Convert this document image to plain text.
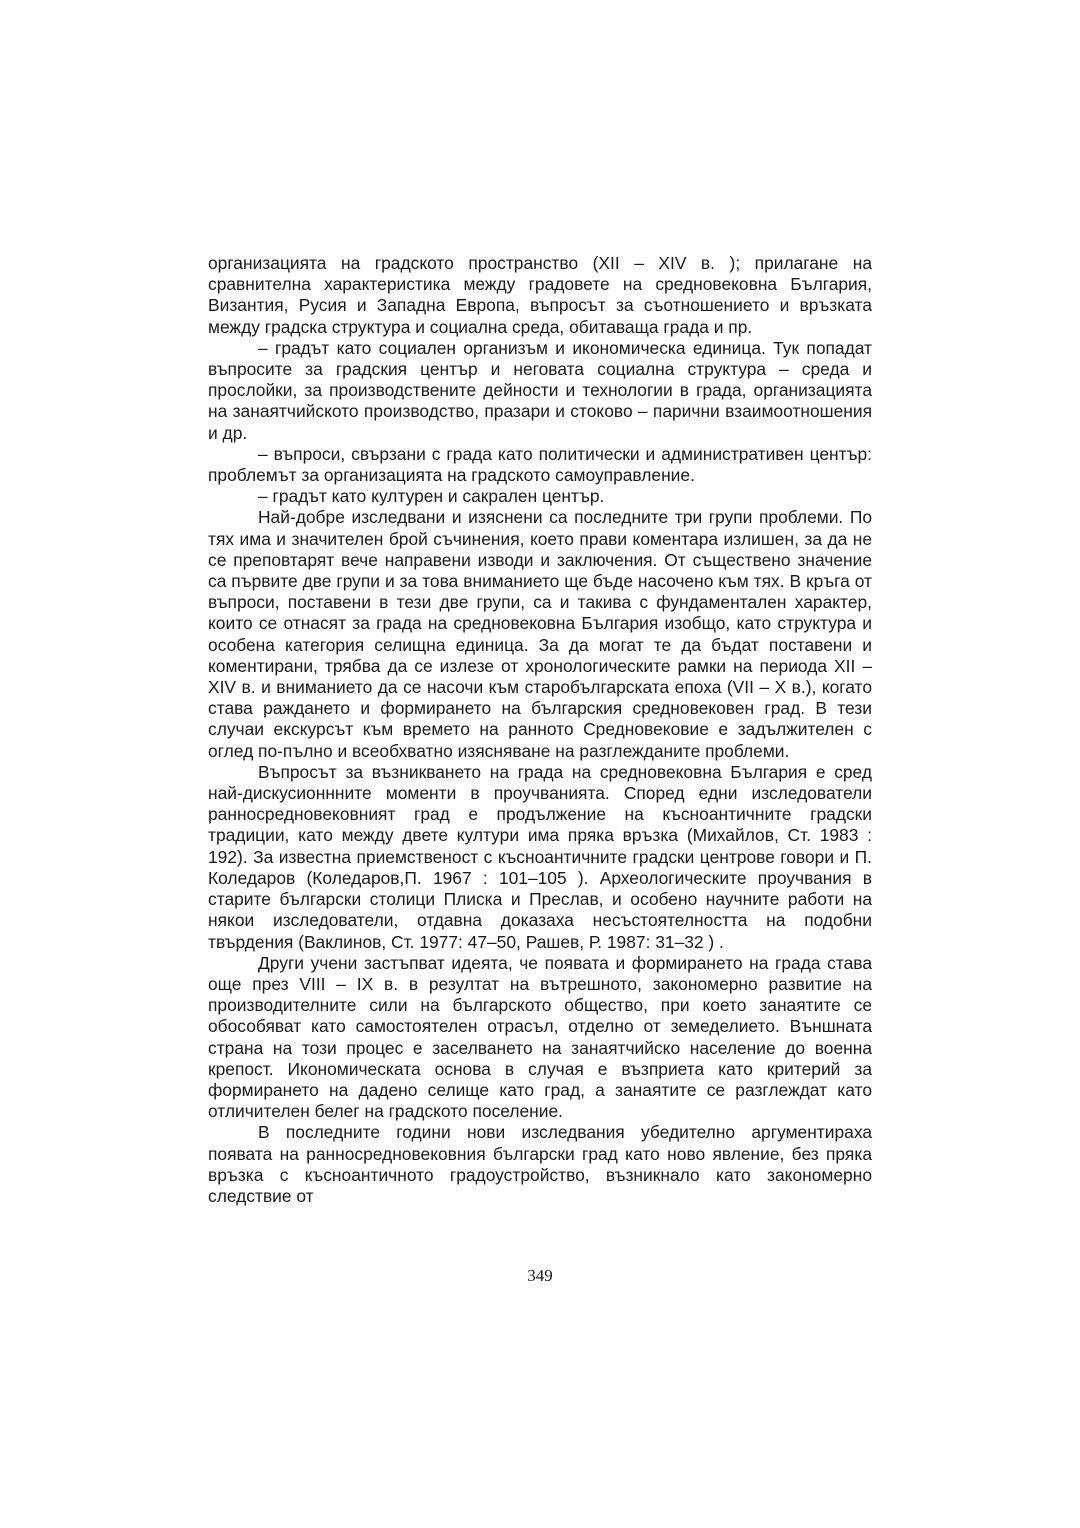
организацията на градското пространство (XII – XIV в. ); прилагане на сравнителна характеристика между градовете на средновековна България, Византия, Русия и Западна Европа, въпросът за съотношението и връзката между градска структура и социална среда, обитаваща града и пр.

– градът като социален организъм и икономическа единица. Тук попадат въпросите за градския център и неговата социална структура – среда и прослойки, за производствените дейности и технологии в града, организацията на занаятчийското производство, празари и стоково – парични взаимоотношения и др.

– въпроси, свързани с града като политически и административен център: проблемът за организацията на градското самоуправление.

– градът като културен и сакрален център.

Най-добре изследвани и изяснени са последните три групи проблеми. По тях има и значителен брой съчинения, което прави коментара излишен, за да не се преповтарят вече направени изводи и заключения. От съществено значение са първите две групи и за това вниманието ще бъде насочено към тях. В кръга от въпроси, поставени в тези две групи, са и такива с фундаментален характер, които се отнасят за града на средновековна България изобщо, като структура и особена категория селищна единица. За да могат те да бъдат поставени и коментирани, трябва да се излезе от хронологическите рамки на периода XII – XIV в. и вниманието да се насочи към старобългарската епоха (VII – X в.), когато става раждането и формирането на българския средновековен град. В тези случаи екскурсът към времето на ранното Средновековие е задължителен с оглед по-пълно и всеобхватно изясняване на разглежданите проблеми.

Въпросът за възникването на града на средновековна България е сред най-дискусионнните моменти в проучванията. Според едни изследователи ранносредновековният град е продължение на късноантичните градски традиции, като между двете култури има пряка връзка (Михайлов, Ст. 1983 : 192). За известна приемственост с късноантичните градски центрове говори и П. Коледаров (Коледаров,П. 1967 : 101–105 ). Археологическите проучвания в старите български столици Плиска и Преслав, и особено научните работи на някои изследователи, отдавна доказаха несъстоятелността на подобни твърдения (Ваклинов, Ст. 1977: 47–50, Рашев, Р. 1987: 31–32 ) .

Други учени застъпват идеята, че появата и формирането на града става още през VIII – IX в. в резултат на вътрешното, закономерно развитие на производителните сили на българското общество, при което занаятите се обособяват като самостоятелен отрасъл, отделно от земеделието. Външната страна на този процес е заселването на занаятчийско население до военна крепост. Икономическата основа в случая е възприета като критерий за формирането на дадено селище като град, а занаятите се разглеждат като отличителен белег на градското поселение.

В последните години нови изследвания убедително аргументираха появата на ранносредновековния български град като ново явление, без пряка връзка с късноантичното градоустройство, възникнало като закономерно следствие от

349
